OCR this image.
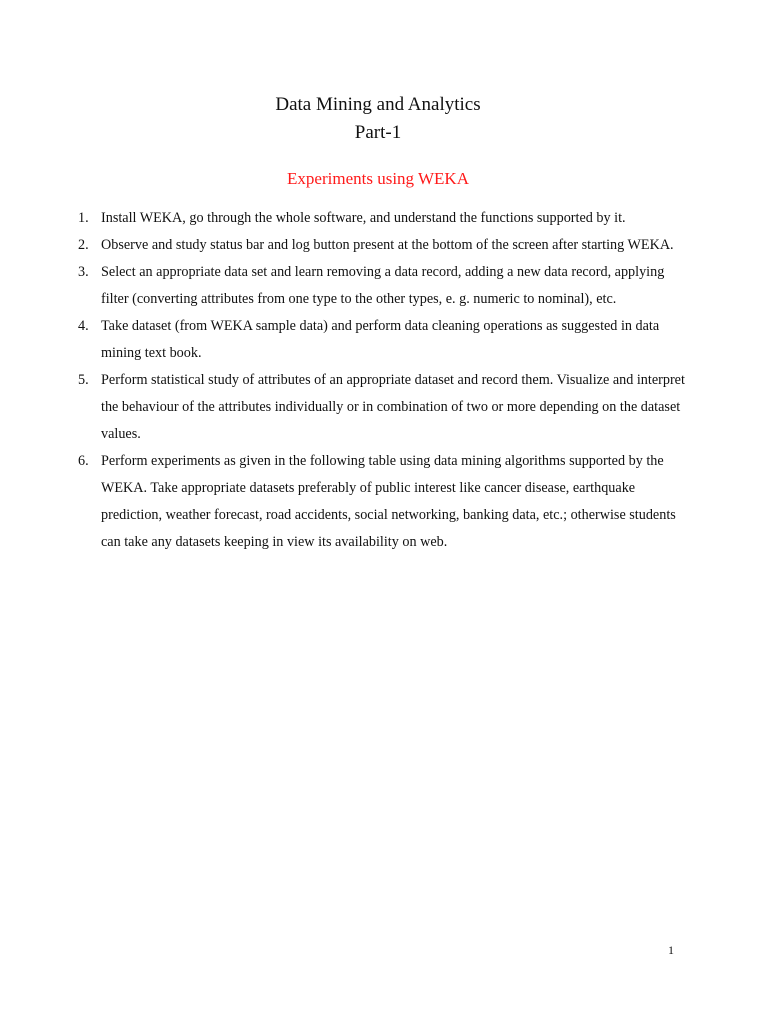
Data Mining and Analytics
Part-1
Experiments using WEKA
1. Install WEKA, go through the whole software, and understand the functions supported by it.
2. Observe and study status bar and log button present at the bottom of the screen after starting WEKA.
3. Select an appropriate data set and learn removing a data record, adding a new data record, applying filter (converting attributes from one type to the other types, e. g. numeric to nominal), etc.
4. Take dataset (from WEKA sample data) and perform data cleaning operations as suggested in data mining text book.
5. Perform statistical study of attributes of an appropriate dataset and record them. Visualize and interpret the behaviour of the attributes individually or in combination of two or more depending on the dataset values.
6. Perform experiments as given in the following table using data mining algorithms supported by the WEKA. Take appropriate datasets preferably of public interest like cancer disease, earthquake prediction, weather forecast, road accidents, social networking, banking data, etc.; otherwise students can take any datasets keeping in view its availability on web.
1
